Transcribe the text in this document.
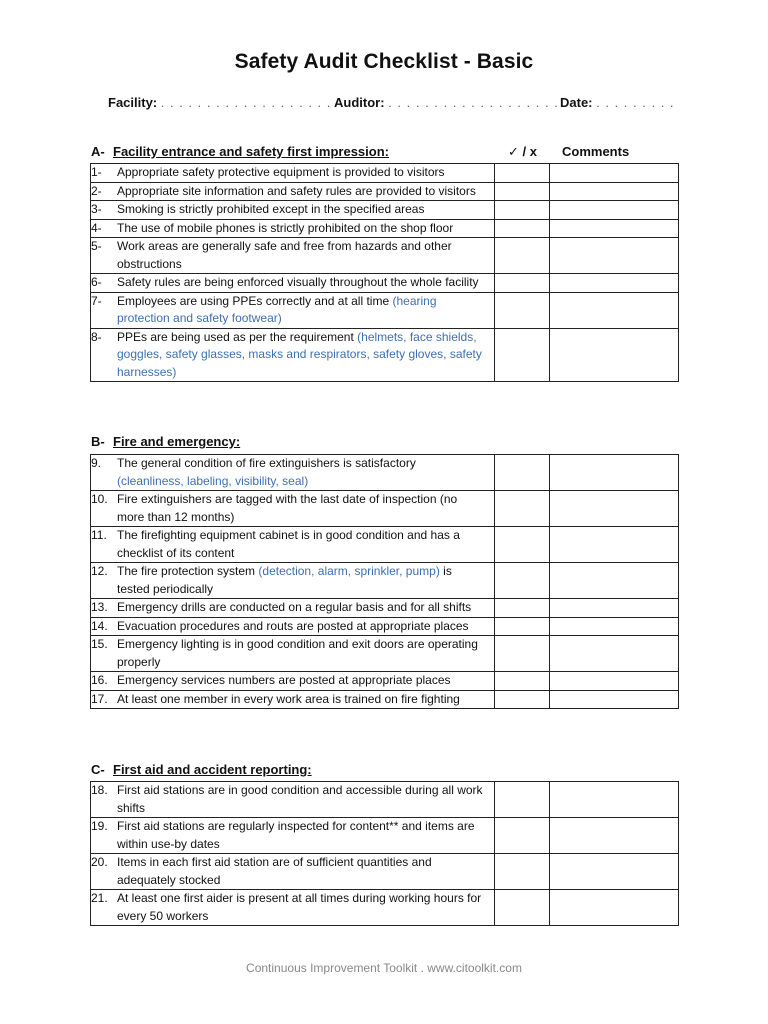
Safety Audit Checklist - Basic
Facility: . . . . . . . . . . . . . . . . . . . Auditor: . . . . . . . . . . . . . . . . . . . Date: . . . . . . . . .
✓ / x Comments
A- Facility entrance and safety first impression:
1- Appropriate safety protective equipment is provided to visitors		
2- Appropriate site information and safety rules are provided to visitors		
3- Smoking is strictly prohibited except in the specified areas		
4- The use of mobile phones is strictly prohibited on the shop floor		
5- Work areas are generally safe and free from hazards and other obstructions		
6- Safety rules are being enforced visually throughout the whole facility		
7- Employees are using PPEs correctly and at all time (hearing protection and safety footwear)		
8- PPEs are being used as per the requirement (helmets, face shields, goggles, safety glasses, masks and respirators, safety gloves, safety harnesses)		
B- Fire and emergency:
9. The general condition of fire extinguishers is satisfactory (cleanliness, labeling, visibility, seal)		
10. Fire extinguishers are tagged with the last date of inspection (no more than 12 months)		
11. The firefighting equipment cabinet is in good condition and has a checklist of its content		
12. The fire protection system (detection, alarm, sprinkler, pump) is tested periodically		
13. Emergency drills are conducted on a regular basis and for all shifts		
14. Evacuation procedures and routs are posted at appropriate places		
15. Emergency lighting is in good condition and exit doors are operating properly		
16. Emergency services numbers are posted at appropriate places		
17. At least one member in every work area is trained on fire fighting		
C- First aid and accident reporting:
18. First aid stations are in good condition and accessible during all work shifts		
19. First aid stations are regularly inspected for content** and items are within use-by dates		
20. Items in each first aid station are of sufficient quantities and adequately stocked		
21. At least one first aider is present at all times during working hours for every 50 workers		
Continuous Improvement Toolkit . www.citoolkit.com
